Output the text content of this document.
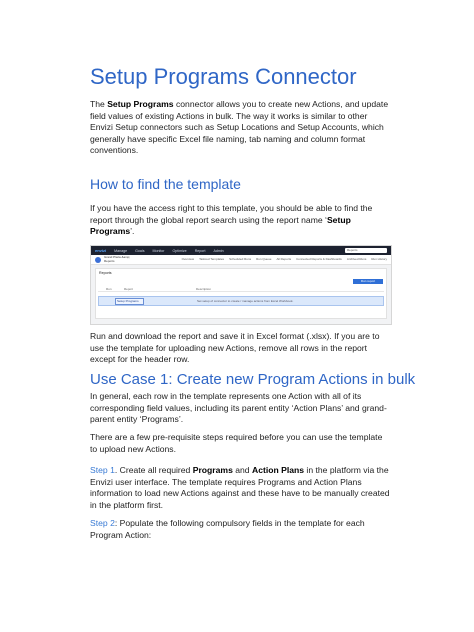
Setup Programs Connector

The Setup Programs connector allows you to create new Actions, and update field values of existing Actions in bulk. The way it works is similar to other Envizi Setup connectors such as Setup Locations and Setup Accounts, which generally have specific Excel file naming, tab naming and column format conventions.

How to find the template

If you have the access right to this template, you should be able to find the report through the global report search using the report name ‘Setup Programs’.

envizi Manage Goals Monitor Optimize Report Admin	Reports
Grand Plaza &amp; Reports	Overview Tailored Templates Scheduled Runs Run Queue All Reports Connected Reports & Dashboards Archived Runs Run History
Reports
Run report
Run	Report	Description
Setup Programs	Set setup of connector to create / manage actions from Excel Workbook.

Run and download the report and save it in Excel format (.xlsx). If you are to use the template for uploading new Actions, remove all rows in the report except for the header row.

Use Case 1: Create new Program Actions in bulk

In general, each row in the template represents one Action with all of its corresponding field values, including its parent entity ‘Action Plans’ and grand-parent entity ‘Programs’.

There are a few pre-requisite steps required before you can use the template to upload new Actions.

Step 1. Create all required Programs and Action Plans in the platform via the Envizi user interface. The template requires Programs and Action Plans information to load new Actions against and these have to be manually created in the platform first.

Step 2: Populate the following compulsory fields in the template for each Program Action:
